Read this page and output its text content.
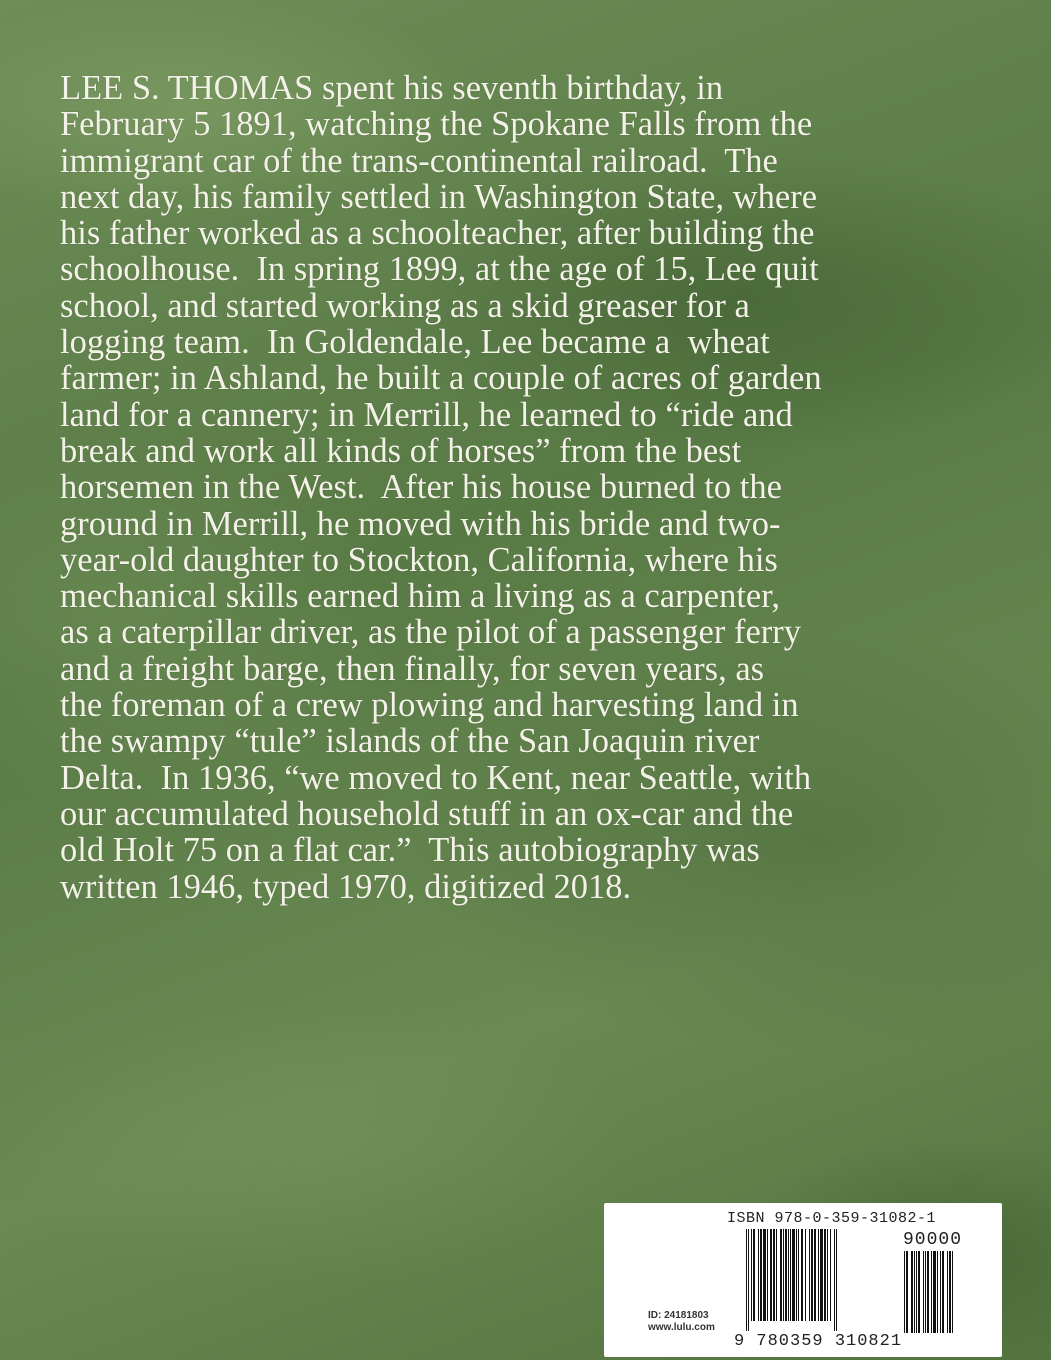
LEE S. THOMAS spent his seventh birthday, in
February 5 1891, watching the Spokane Falls from the
immigrant car of the trans-continental railroad.  The
next day, his family settled in Washington State, where
his father worked as a schoolteacher, after building the
schoolhouse.  In spring 1899, at the age of 15, Lee quit
school, and started working as a skid greaser for a
logging team.  In Goldendale, Lee became a  wheat
farmer; in Ashland, he built a couple of acres of garden
land for a cannery; in Merrill, he learned to “ride and
break and work all kinds of horses” from the best
horsemen in the West.  After his house burned to the
ground in Merrill, he moved with his bride and two-
year-old daughter to Stockton, California, where his
mechanical skills earned him a living as a carpenter,
as a caterpillar driver, as the pilot of a passenger ferry
and a freight barge, then finally, for seven years, as
the foreman of a crew plowing and harvesting land in
the swampy “tule” islands of the San Joaquin river
Delta.  In 1936, “we moved to Kent, near Seattle, with
our accumulated household stuff in an ox-car and the
old Holt 75 on a flat car.”  This autobiography was
written 1946, typed 1970, digitized 2018.

ISBN 978-0-359-31082-1
90000
ID: 24181803
www.lulu.com
9 780359 310821
